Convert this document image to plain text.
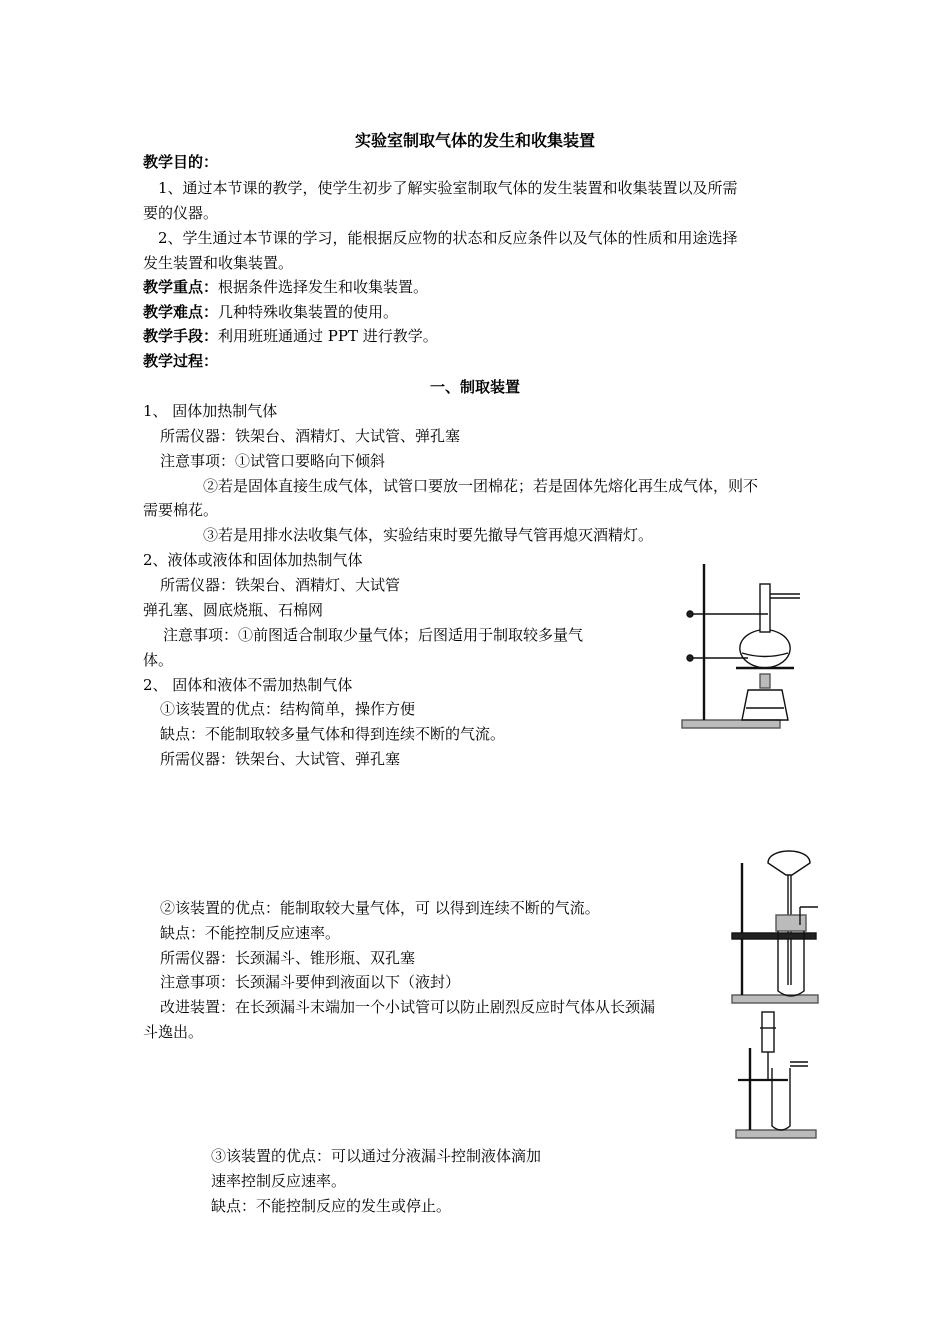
实验室制取气体的发生和收集装置
教学目的：
1、通过本节课的教学，使学生初步了解实验室制取气体的发生装置和收集装置以及所需
要的仪器。
2、学生通过本节课的学习，能根据反应物的状态和反应条件以及气体的性质和用途选择
发生装置和收集装置。
教学重点：根据条件选择发生和收集装置。
教学难点：几种特殊收集装置的使用。
教学手段：利用班班通通过 PPT 进行教学。
教学过程：
一、制取装置
1、 固体加热制气体
所需仪器：铁架台、酒精灯、大试管、弹孔塞
注意事项：①试管口要略向下倾斜
②若是固体直接生成气体，试管口要放一团棉花；若是固体先熔化再生成气体，则不
需要棉花。
③若是用排水法收集气体，实验结束时要先撤导气管再熄灭酒精灯。
2、液体或液体和固体加热制气体
所需仪器：铁架台、酒精灯、大试管
弹孔塞、圆底烧瓶、石棉网
注意事项：①前图适合制取少量气体；后图适用于制取较多量气
体。
2、 固体和液体不需加热制气体
①该装置的优点：结构简单，操作方便
缺点：不能制取较多量气体和得到连续不断的气流。
所需仪器：铁架台、大试管、弹孔塞
②该装置的优点：能制取较大量气体，可 以得到连续不断的气流。
缺点：不能控制反应速率。
所需仪器：长颈漏斗、锥形瓶、双孔塞
注意事项：长颈漏斗要伸到液面以下（液封）
改进装置：在长颈漏斗末端加一个小试管可以防止剧烈反应时气体从长颈漏
斗逸出。
③该装置的优点：可以通过分液漏斗控制液体滴加
速率控制反应速率。
缺点：不能控制反应的发生或停止。
